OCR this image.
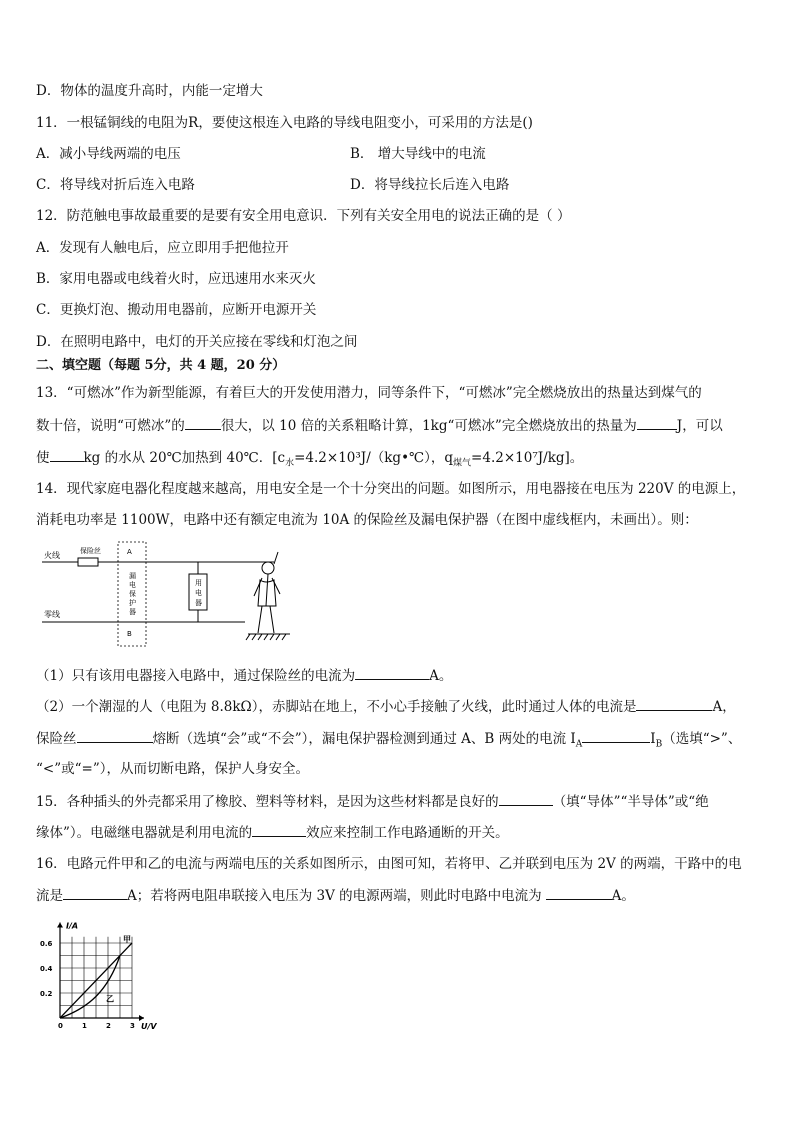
D．物体的温度升高时，内能一定增大
11．一根锰铜线的电阻为R，要使这根连入电路的导线电阻变小，可采用的方法是()
A．减小导线两端的电压	B． 增大导线中的电流
C．将导线对折后连入电路	D．将导线拉长后连入电路
12．防范触电事故最重要的是要有安全用电意识．下列有关安全用电的说法正确的是（ ）
A．发现有人触电后，应立即用手把他拉开
B．家用电器或电线着火时，应迅速用水来灭火
C．更换灯泡、搬动用电器前，应断开电源开关
D．在照明电路中，电灯的开关应接在零线和灯泡之间
二、填空题（每题 5分，共 4 题，20 分）
13．“可燃冰”作为新型能源，有着巨大的开发使用潜力，同等条件下，“可燃冰”完全燃烧放出的热量达到煤气的
数十倍，说明“可燃冰”的	很大，以 10 倍的关系粗略计算，1kg“可燃冰”完全燃烧放出的热量为	J，可以
使	kg 的水从 20℃加热到 40℃．[$c_水=4.2\times 10^3J/(kg•℃)$，$q_{煤气}=4.2\times 10^7J/kg$]。
14．现代家庭电器化程度越来越高，用电安全是一个十分突出的问题。如图所示，用电器接在电压为 220V 的电源上，
消耗电功率是 1100W，电路中还有额定电流为 10A 的保险丝及漏电保护器（在图中虚线框内，未画出）。则：
火线	保险丝
零线
A
B
漏
电
保
护
器
用
电
器
（1）只有该用电器接入电路中，通过保险丝的电流为	A。
（2）一个潮湿的人（电阻为 8.8kΩ），赤脚站在地上，不小心手接触了火线，此时通过人体的电流是	A，
保险丝	熔断（选填“会”或“不会”），漏电保护器检测到通过 A、B 两处的电流 $I_A$	$I_B$（选填“>”、
“<”或“=”），从而切断电路，保护人身安全。
15．各种插头的外壳都采用了橡胶、塑料等材料，是因为这些材料都是良好的	（填“导体”“半导体”或“绝
缘体”）。电磁继电器就是利用电流的	效应来控制工作电路通断的开关。
16．电路元件甲和乙的电流与两端电压的关系如图所示，由图可知，若将甲、乙并联到电压为 2V 的两端，干路中的电
流是	A；若将两电阻串联接入电压为 3V 的电源两端，则此时电路中电流为	A。
I/A
U/V
0	1	2	3
0.2
0.4
0.6	甲
乙
